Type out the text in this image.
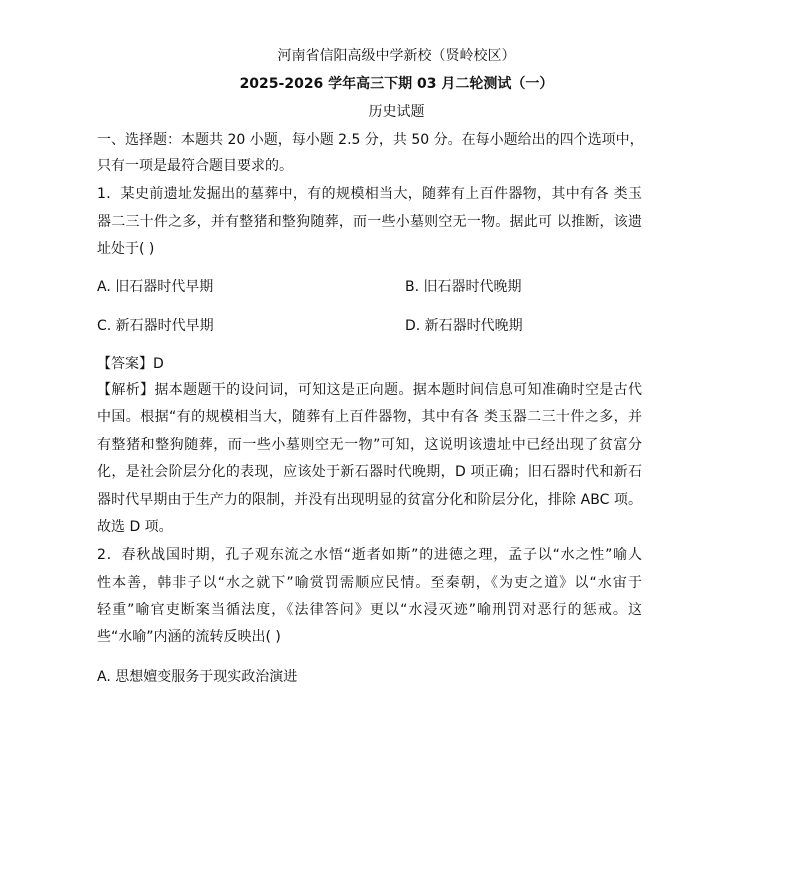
河南省信阳高级中学新校（贤岭校区）
2025-2026 学年高三下期 03 月二轮测试（一）
历史试题
一、选择题：本题共 20 小题，每小题 2.5 分，共 50 分。在每小题给出的四个选项中，
只有一项是最符合题目要求的。
1．某史前遗址发掘出的墓葬中，有的规模相当大，随葬有上百件器物，其中有各 类玉
器二三十件之多，并有整猪和整狗随葬，而一些小墓则空无一物。据此可 以推断，该遗
址处于( )
A. 旧石器时代早期	B. 旧石器时代晚期
C. 新石器时代早期	D. 新石器时代晚期
【答案】D
【解析】据本题题干的设问词，可知这是正向题。据本题时间信息可知准确时空是古代
中国。根据“有的规模相当大，随葬有上百件器物，其中有各 类玉器二三十件之多，并
有整猪和整狗随葬，而一些小墓则空无一物”可知，这说明该遗址中已经出现了贫富分
化，是社会阶层分化的表现，应该处于新石器时代晚期，D 项正确；旧石器时代和新石
器时代早期由于生产力的限制，并没有出现明显的贫富分化和阶层分化，排除 ABC 项。
故选 D 项。
2．春秋战国时期，孔子观东流之水悟“逝者如斯”的进德之理，孟子以“水之性”喻人
性本善，韩非子以“水之就下”喻赏罚需顺应民情。至秦朝，《为吏之道》以“水宙于
轻重”喻官吏断案当循法度，《法律答问》更以“水浸灭迹”喻刑罚对恶行的惩戒。这
些“水喻”内涵的流转反映出( )
A. 思想嬗变服务于现实政治演进
